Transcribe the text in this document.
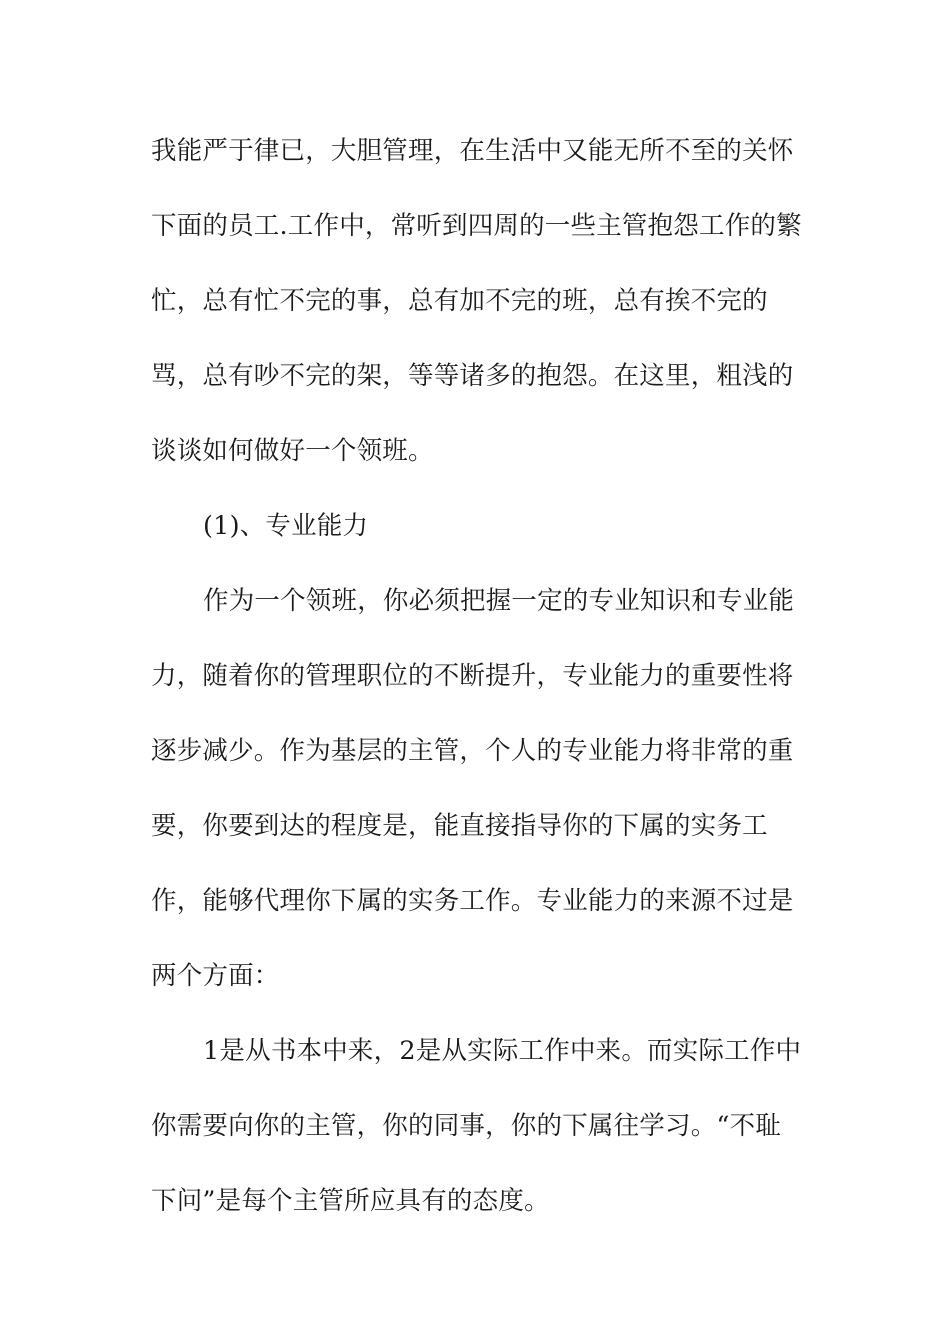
我能严于律已，大胆管理，在生活中又能无所不至的关怀
下面的员工.工作中，常听到四周的一些主管抱怨工作的繁
忙，总有忙不完的事，总有加不完的班，总有挨不完的
骂，总有吵不完的架，等等诸多的抱怨。在这里，粗浅的
谈谈如何做好一个领班。
(1)、专业能力
作为一个领班，你必须把握一定的专业知识和专业能
力，随着你的管理职位的不断提升，专业能力的重要性将
逐步减少。作为基层的主管，个人的专业能力将非常的重
要，你要到达的程度是，能直接指导你的下属的实务工
作，能够代理你下属的实务工作。专业能力的来源不过是
两个方面：
1是从书本中来，2是从实际工作中来。而实际工作中
你需要向你的主管，你的同事，你的下属往学习。“不耻
下问”是每个主管所应具有的态度。
